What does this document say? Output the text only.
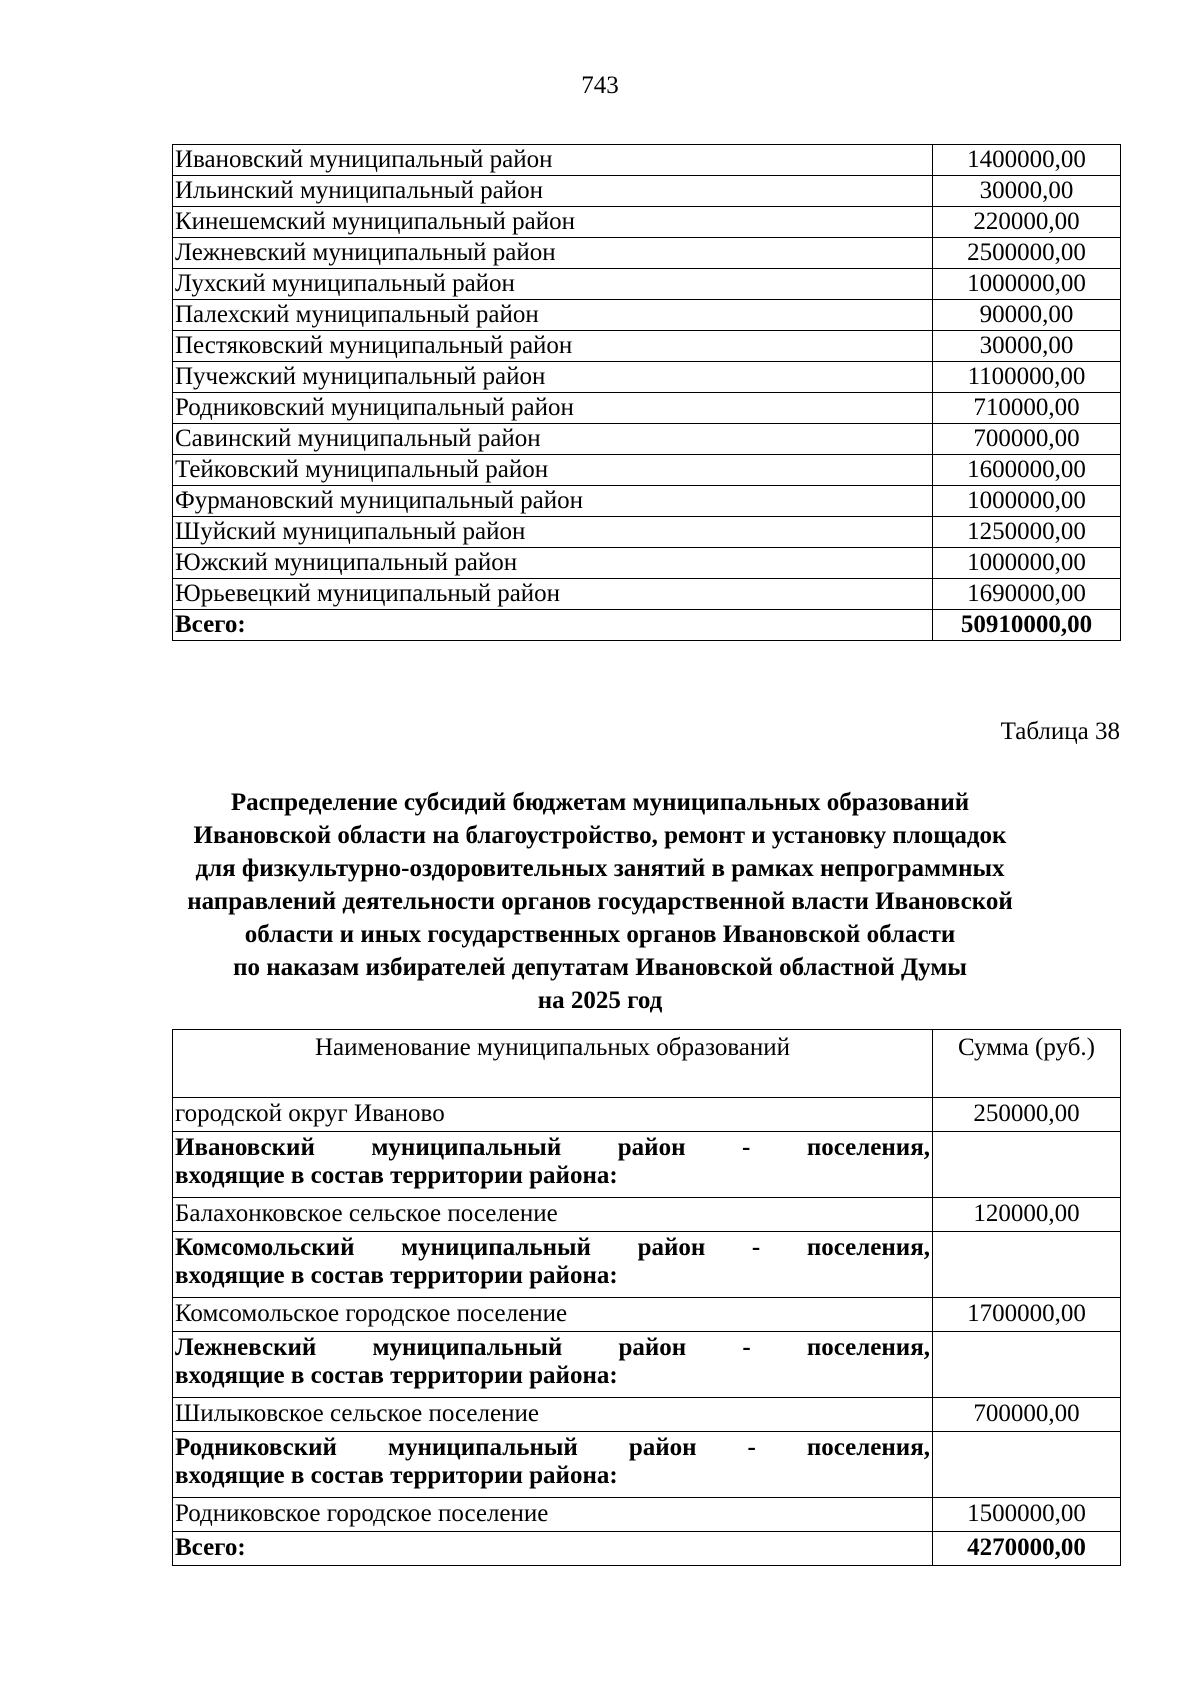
743
Ивановский муниципальный район	1400000,00
Ильинский муниципальный район	30000,00
Кинешемский муниципальный район	220000,00
Лежневский муниципальный район	2500000,00
Лухский муниципальный район	1000000,00
Палехский муниципальный район	90000,00
Пестяковский муниципальный район	30000,00
Пучежский муниципальный район	1100000,00
Родниковский муниципальный район	710000,00
Савинский муниципальный район	700000,00
Тейковский муниципальный район	1600000,00
Фурмановский муниципальный район	1000000,00
Шуйский муниципальный район	1250000,00
Южский муниципальный район	1000000,00
Юрьевецкий муниципальный район	1690000,00
Всего:	50910000,00
Таблица 38
Распределение субсидий бюджетам муниципальных образований
Ивановской области на благоустройство, ремонт и установку площадок
для физкультурно-оздоровительных занятий в рамках непрограммных
направлений деятельности органов государственной власти Ивановской
области и иных государственных органов Ивановской области
по наказам избирателей депутатам Ивановской областной Думы
на 2025 год
Наименование муниципальных образований	Сумма (руб.)
городской округ Иваново	250000,00

Ивановский муниципальный район - поселения,
входящие в состав территории района:	
Балахонковское сельское поселение	120000,00

Комсомольский муниципальный район - поселения,
входящие в состав территории района:	
Комсомольское городское поселение	1700000,00

Лежневский муниципальный район - поселения,
входящие в состав территории района:	
Шилыковское сельское поселение	700000,00

Родниковский муниципальный район - поселения,
входящие в состав территории района:	
Родниковское городское поселение	1500000,00
Всего:	4270000,00
